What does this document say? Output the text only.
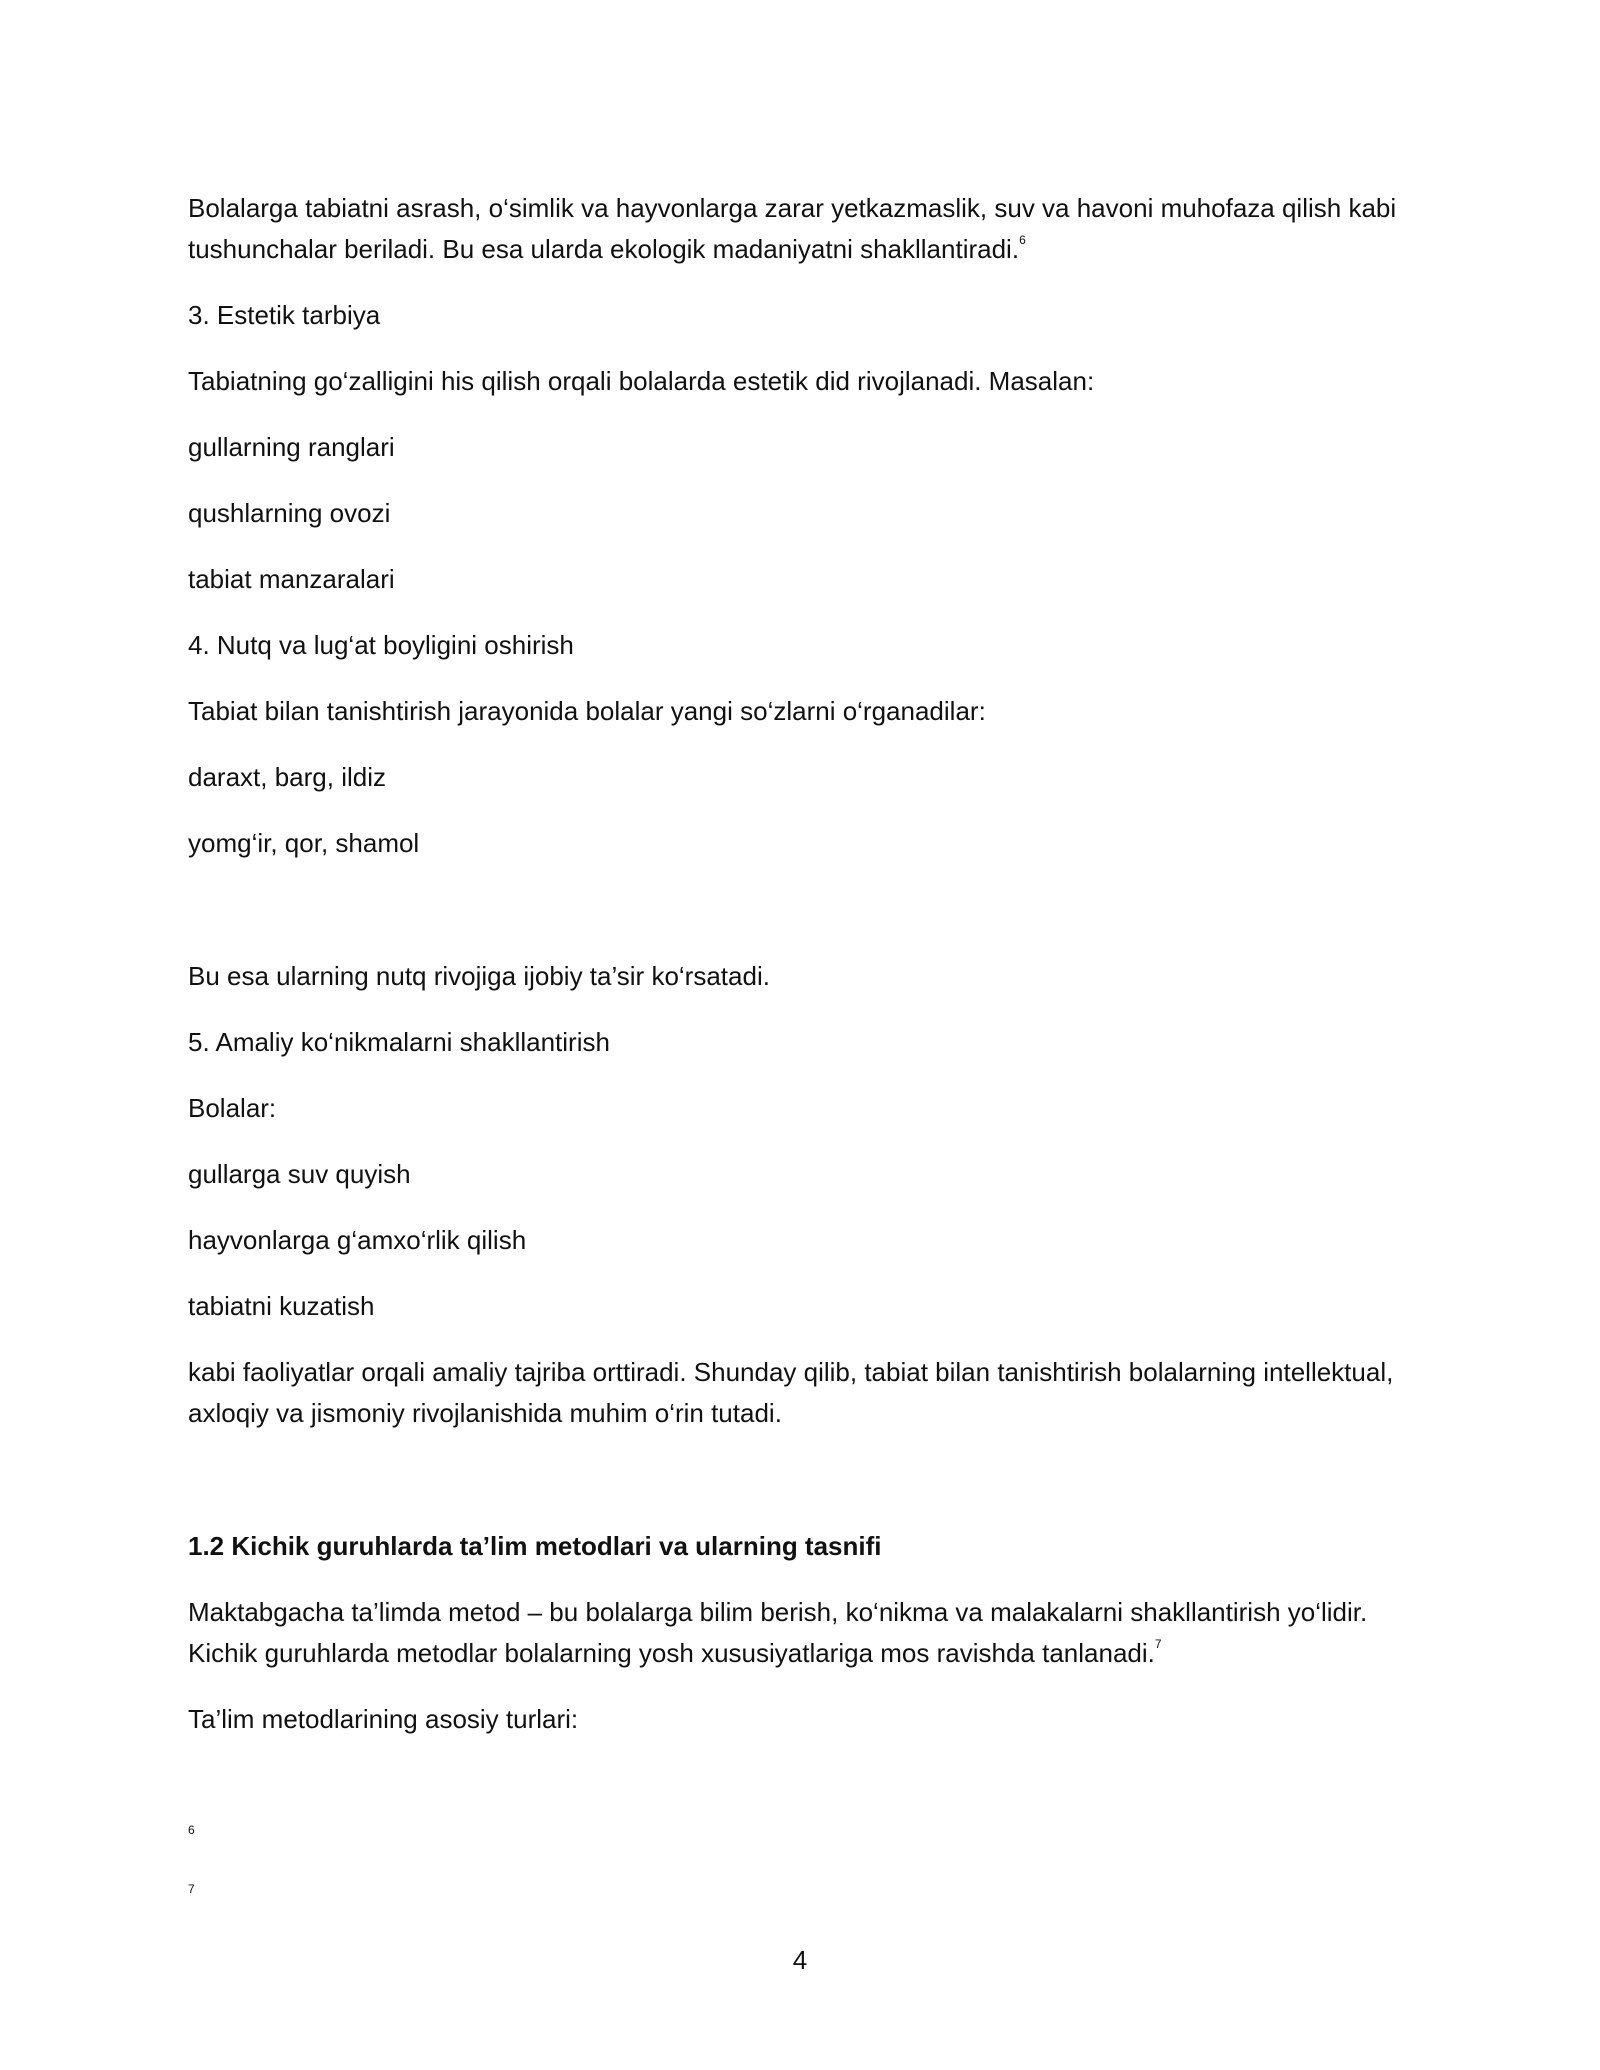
Bolalarga tabiatni asrash, o‘simlik va hayvonlarga zarar yetkazmaslik, suv va havoni muhofaza qilish kabi tushunchalar beriladi. Bu esa ularda ekologik madaniyatni shakllantiradi.$^6$

3. Estetik tarbiya

Tabiatning go‘zalligini his qilish orqali bolalarda estetik did rivojlanadi. Masalan:

gullarning ranglari

qushlarning ovozi

tabiat manzaralari

4. Nutq va lug‘at boyligini oshirish

Tabiat bilan tanishtirish jarayonida bolalar yangi so‘zlarni o‘rganadilar:

daraxt, barg, ildiz

yomg‘ir, qor, shamol

Bu esa ularning nutq rivojiga ijobiy ta’sir ko‘rsatadi.

5. Amaliy ko‘nikmalarni shakllantirish

Bolalar:

gullarga suv quyish

hayvonlarga g‘amxo‘rlik qilish

tabiatni kuzatish

kabi faoliyatlar orqali amaliy tajriba orttiradi. Shunday qilib, tabiat bilan tanishtirish bolalarning intellektual, axloqiy va jismoniy rivojlanishida muhim o‘rin tutadi.

1.2 Kichik guruhlarda ta’lim metodlari va ularning tasnifi

Maktabgacha ta’limda metod – bu bolalarga bilim berish, ko‘nikma va malakalarni shakllantirish yo‘lidir. Kichik guruhlarda metodlar bolalarning yosh xususiyatlariga mos ravishda tanlanadi.$^7$

Ta’lim metodlarining asosiy turlari:

6
7
4
